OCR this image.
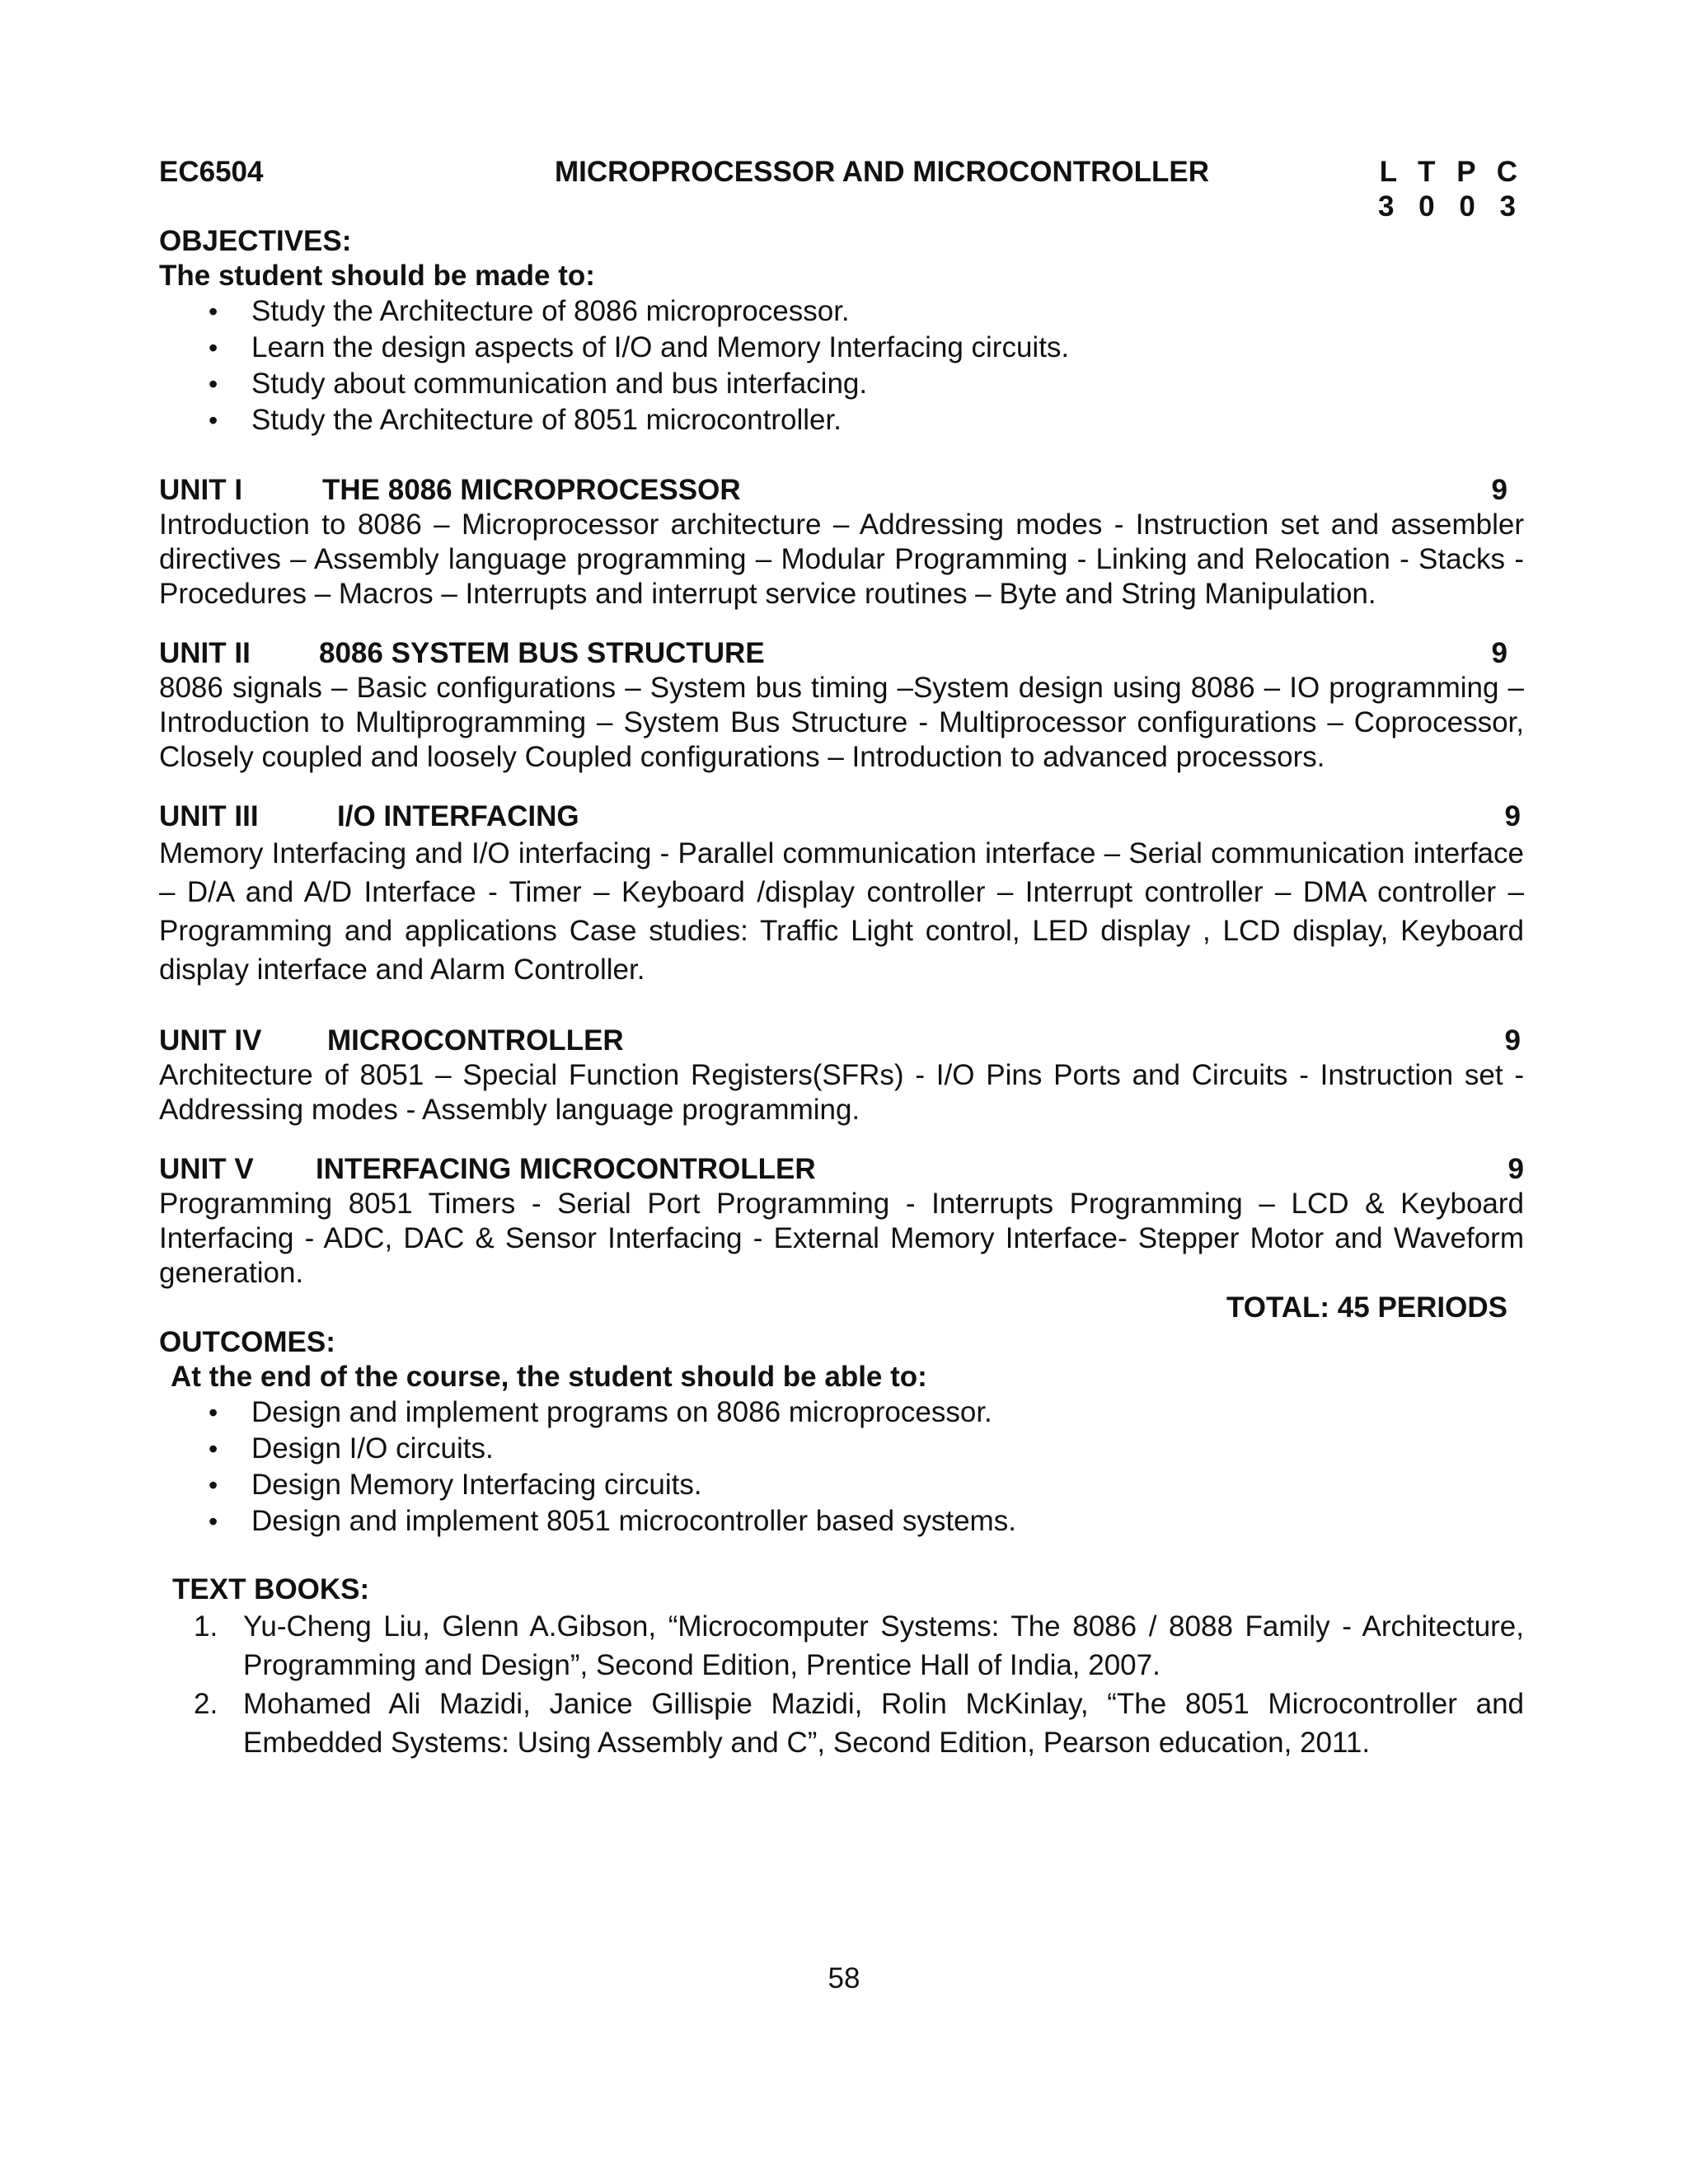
EC6504	MICROPROCESSOR AND MICROCONTROLLER	L T P C
3 0 0 3
OBJECTIVES:
The student should be made to:
• Study the Architecture of 8086 microprocessor.
• Learn the design aspects of I/O and Memory Interfacing circuits.
• Study about communication and bus interfacing.
• Study the Architecture of 8051 microcontroller.
UNIT I	THE 8086 MICROPROCESSOR	9
Introduction to 8086 – Microprocessor architecture – Addressing modes - Instruction set and assembler directives – Assembly language programming – Modular Programming - Linking and Relocation - Stacks - Procedures – Macros – Interrupts and interrupt service routines – Byte and String Manipulation.
UNIT II 8086 SYSTEM BUS STRUCTURE	9
8086 signals – Basic configurations – System bus timing –System design using 8086 – IO programming – Introduction to Multiprogramming – System Bus Structure - Multiprocessor configurations – Coprocessor, Closely coupled and loosely Coupled configurations – Introduction to advanced processors.
UNIT III	I/O INTERFACING	9
Memory Interfacing and I/O interfacing - Parallel communication interface – Serial communication interface – D/A and A/D Interface - Timer – Keyboard /display controller – Interrupt controller – DMA controller – Programming and applications Case studies: Traffic Light control, LED display , LCD display, Keyboard display interface and Alarm Controller.
UNIT IV MICROCONTROLLER	9
Architecture of 8051 – Special Function Registers(SFRs) - I/O Pins Ports and Circuits - Instruction set - Addressing modes - Assembly language programming.
UNIT V INTERFACING MICROCONTROLLER	9
Programming 8051 Timers - Serial Port Programming - Interrupts Programming – LCD & Keyboard Interfacing - ADC, DAC & Sensor Interfacing - External Memory Interface- Stepper Motor and Waveform generation.
TOTAL: 45 PERIODS
OUTCOMES:
At the end of the course, the student should be able to:
• Design and implement programs on 8086 microprocessor.
• Design I/O circuits.
• Design Memory Interfacing circuits.
• Design and implement 8051 microcontroller based systems.
TEXT BOOKS:
1. Yu-Cheng Liu, Glenn A.Gibson, “Microcomputer Systems: The 8086 / 8088 Family - Architecture, Programming and Design”, Second Edition, Prentice Hall of India, 2007.
2. Mohamed Ali Mazidi, Janice Gillispie Mazidi, Rolin McKinlay, “The 8051 Microcontroller and Embedded Systems: Using Assembly and C”, Second Edition, Pearson education, 2011.
58
